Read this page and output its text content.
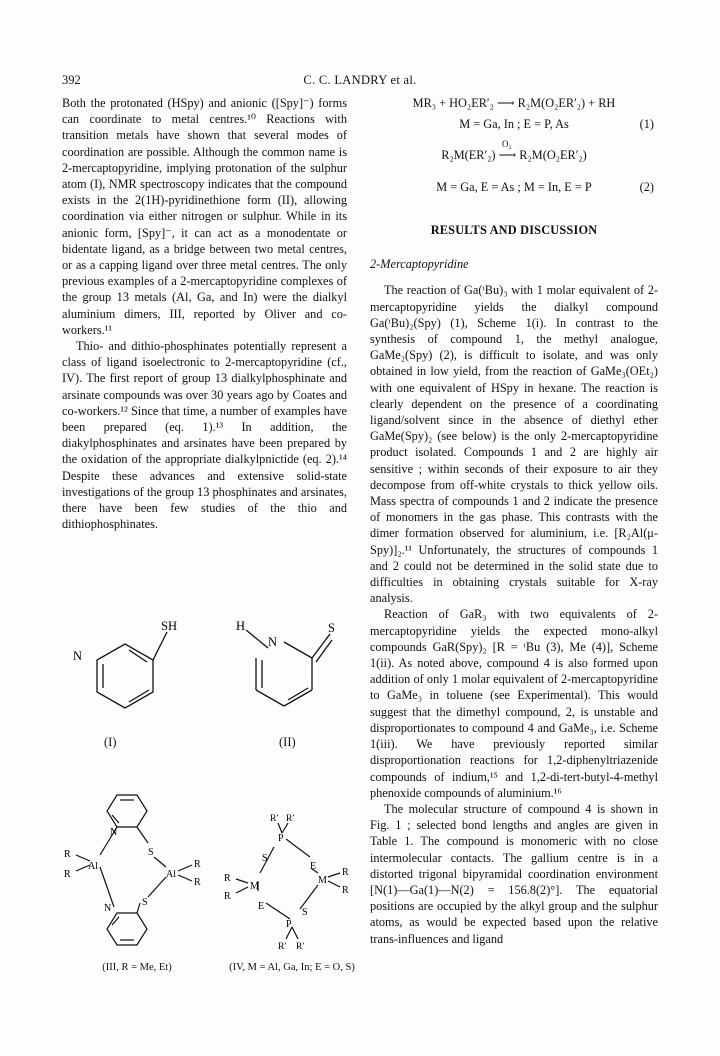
392	C. C. LANDRY et al.

Both the protonated (HSpy) and anionic ([Spy]⁻) forms can coordinate to metal centres.¹⁰ Reactions with transition metals have shown that several modes of coordination are possible. Although the common name is 2-mercaptopyridine, implying protonation of the sulphur atom (I), NMR spectroscopy indicates that the compound exists in the 2(1H)-pyridinethione form (II), allowing coordination via either nitrogen or sulphur. While in its anionic form, [Spy]⁻, it can act as a monodentate or bidentate ligand, as a bridge between two metal centres, or as a capping ligand over three metal centres. The only previous examples of a 2-mercaptopyridine complexes of the group 13 metals (Al, Ga, and In) were the dialkyl aluminium dimers, III, reported by Oliver and co-workers.¹¹

Thio- and dithio-phosphinates potentially represent a class of ligand isoelectronic to 2-mercaptopyridine (cf., IV). The first report of group 13 dialkylphosphinate and arsinate compounds was over 30 years ago by Coates and co-workers.¹² Since that time, a number of examples have been prepared (eq. 1).¹³ In addition, the diakylphosphinates and arsinates have been prepared by the oxidation of the appropriate dialkylpnictide (eq. 2).¹⁴ Despite these advances and extensive solid-state investigations of the group 13 phosphinates and arsinates, there have been few studies of the thio and dithiophosphinates.

SH
N
(I)
H	S
N
(II)
N
S
Al
Al
N
S
R
R
R
R
(III, R = Me, Et)
R′ R′
P
S
E
M
M
S
E
P
R′ R′
R
R
R
R
(IV, M = Al, Ga, In; E = O, S)
MR₃ + HO₂ER′₂ ⟶ R₂M(O₂ER′₂) + RH
M = Ga, In ; E = P, As	(1)
O₂
R₂M(ER′₂) ⟶ R₂M(O₂ER′₂)
M = Ga, E = As ; M = In, E = P	(2)
RESULTS AND DISCUSSION
2-Mercaptopyridine

The reaction of Ga(ᵗBu)₃ with 1 molar equivalent of 2-mercaptopyridine yields the dialkyl compound Ga(ᵗBu)₂(Spy) (1), Scheme 1(i). In contrast to the synthesis of compound 1, the methyl analogue, GaMe₂(Spy) (2), is difficult to isolate, and was only obtained in low yield, from the reaction of GaMe₃(OEt₂) with one equivalent of HSpy in hexane. The reaction is clearly dependent on the presence of a coordinating ligand/solvent since in the absence of diethyl ether GaMe(Spy)₂ (see below) is the only 2-mercaptopyridine product isolated. Compounds 1 and 2 are highly air sensitive ; within seconds of their exposure to air they decompose from off-white crystals to thick yellow oils. Mass spectra of compounds 1 and 2 indicate the presence of monomers in the gas phase. This contrasts with the dimer formation observed for aluminium, i.e. [R₂Al(μ-Spy)]₂.¹¹ Unfortunately, the structures of compounds 1 and 2 could not be determined in the solid state due to difficulties in obtaining crystals suitable for X-ray analysis.

Reaction of GaR₃ with two equivalents of 2-mercaptopyridine yields the expected mono-alkyl compounds GaR(Spy)₂ [R = ᵗBu (3), Me (4)], Scheme 1(ii). As noted above, compound 4 is also formed upon addition of only 1 molar equivalent of 2-mercaptopyridine to GaMe₃ in toluene (see Experimental). This would suggest that the dimethyl compound, 2, is unstable and disproportionates to compound 4 and GaMe₃, i.e. Scheme 1(iii). We have previously reported similar disproportionation reactions for 1,2-diphenyltriazenide compounds of indium,¹⁵ and 1,2-di-tert-butyl-4-methyl phenoxide compounds of aluminium.¹⁶

The molecular structure of compound 4 is shown in Fig. 1 ; selected bond lengths and angles are given in Table 1. The compound is monomeric with no close intermolecular contacts. The gallium centre is in a distorted trigonal bipyramidal coordination environment [N(1)—Ga(1)—N(2) = 156.8(2)°]. The equatorial positions are occupied by the alkyl group and the sulphur atoms, as would be expected based upon the relative trans-influences and ligand
